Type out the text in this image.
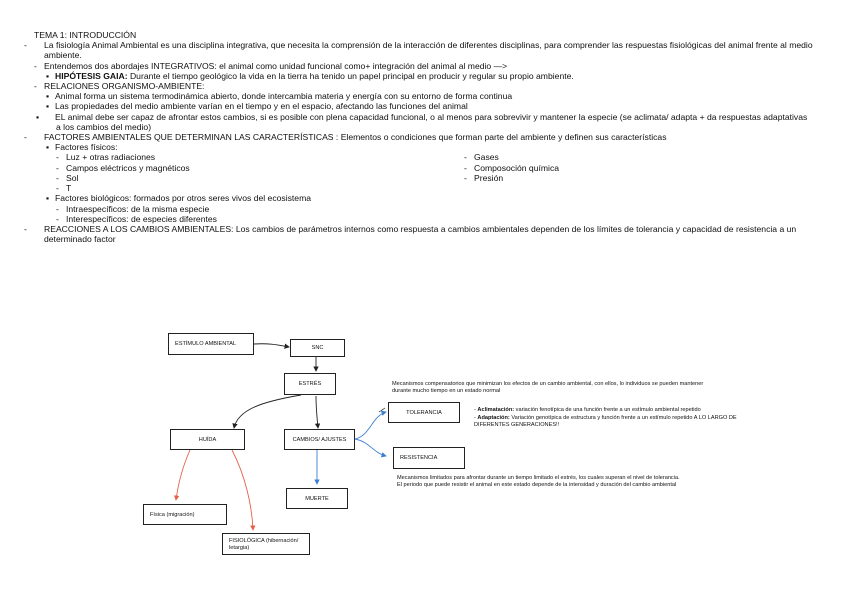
TEMA 1: INTRODUCCIÓN
- La fisiología Animal Ambiental es una disciplina integrativa, que necesita la comprensión de la interacción de diferentes disciplinas, para comprender las respuestas fisiológicas del animal frente al medio ambiente.
- Entendemos dos abordajes INTEGRATIVOS: el animal como unidad funcional como+ integración del animal al medio —>
▪ HIPÓTESIS GAIA: Durante el tiempo geológico la vida en la tierra ha tenido un papel principal en producir y regular su propio ambiente.
- RELACIONES ORGANISMO-AMBIENTE:
▪ Animal forma un sistema termodinámica abierto, donde intercambia materia y energía con su entorno de forma continua
▪ Las propiedades del medio ambiente varían en el tiempo y en el espacio, afectando las funciones del animal
▪ EL animal debe ser capaz de afrontar estos cambios, si es posible con plena capacidad funcional, o al menos para sobrevivir y mantener la especie (se aclimata/ adapta + da respuestas adaptativas a los cambios del medio)
- FACTORES AMBIENTALES QUE DETERMINAN LAS CARACTERÍSTICAS : Elementos o condiciones que forman parte del ambiente y definen sus características
▪ Factores físicos:
- Luz + otras radiaciones
- Campos eléctricos y magnéticos
- Sol
- T
- Gases
- Composoción química
- Presión
▪ Factores biológicos: formados por otros seres vivos del ecosistema
- Intraespecíficos: de la misma especie
- Interespecíficos: de especies diferentes
- REACCIONES A LOS CAMBIOS AMBIENTALES: Los cambios de parámetros internos como respuesta a cambios ambientales dependen de los límites de tolerancia y capacidad de resistencia a un determinado factor
ESTÍMULO AMBIENTAL
SNC
ESTRÉS
HUÍDA	CAMBIOS/ AJUSTES
MUERTE
TOLERANCIA
RESISTENCIA
Física (migración)
FISIOLÓGICA (hibernación/ letargia)
Mecanismos compensatorios que minimizan los efectos de un cambio ambiental, con ellos, lo individuos se pueden mantener durante mucho tiempo en un estado normal
- Aclimatación: variación fenotípica de una función frente a un estímulo ambiental repetido
- Adaptación: Variación genotípica de estructura y función frente a un estímulo repetido A LO LARGO DE DIFERENTES GENERACIONES!!
Mecanismos limitados para afrontar durante un tiempo limitado el estrés, los cuales superan el nivel de tolerancia.
El periodo que puede resistir el animal en este estado depende de la intensidad y duración del cambio ambiental
